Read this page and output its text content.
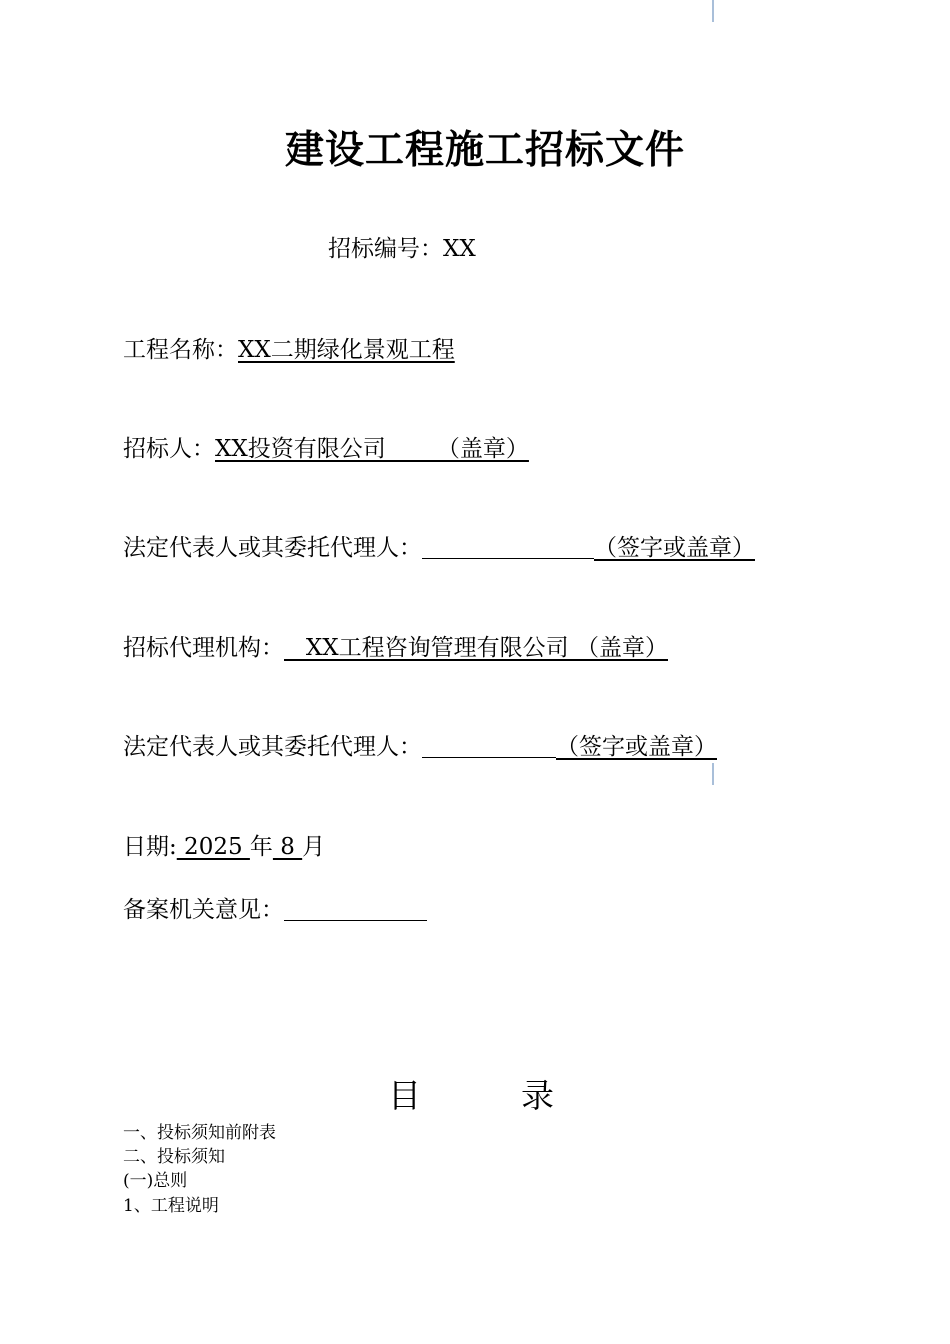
建设工程施工招标文件
招标编号：XX
工程名称：XX二期绿化景观工程
招标人：XX投资有限公司       （盖章）
法定代表人或其委托代理人：	（签字或盖章）
招标代理机构：   XX工程咨询管理有限公司 （盖章）
法定代表人或其委托代理人：	（签字或盖章）
日期: 2025 年 8 月
备案机关意见：
目	录
一、投标须知前附表
二、投标须知
(一)总则
1、工程说明
